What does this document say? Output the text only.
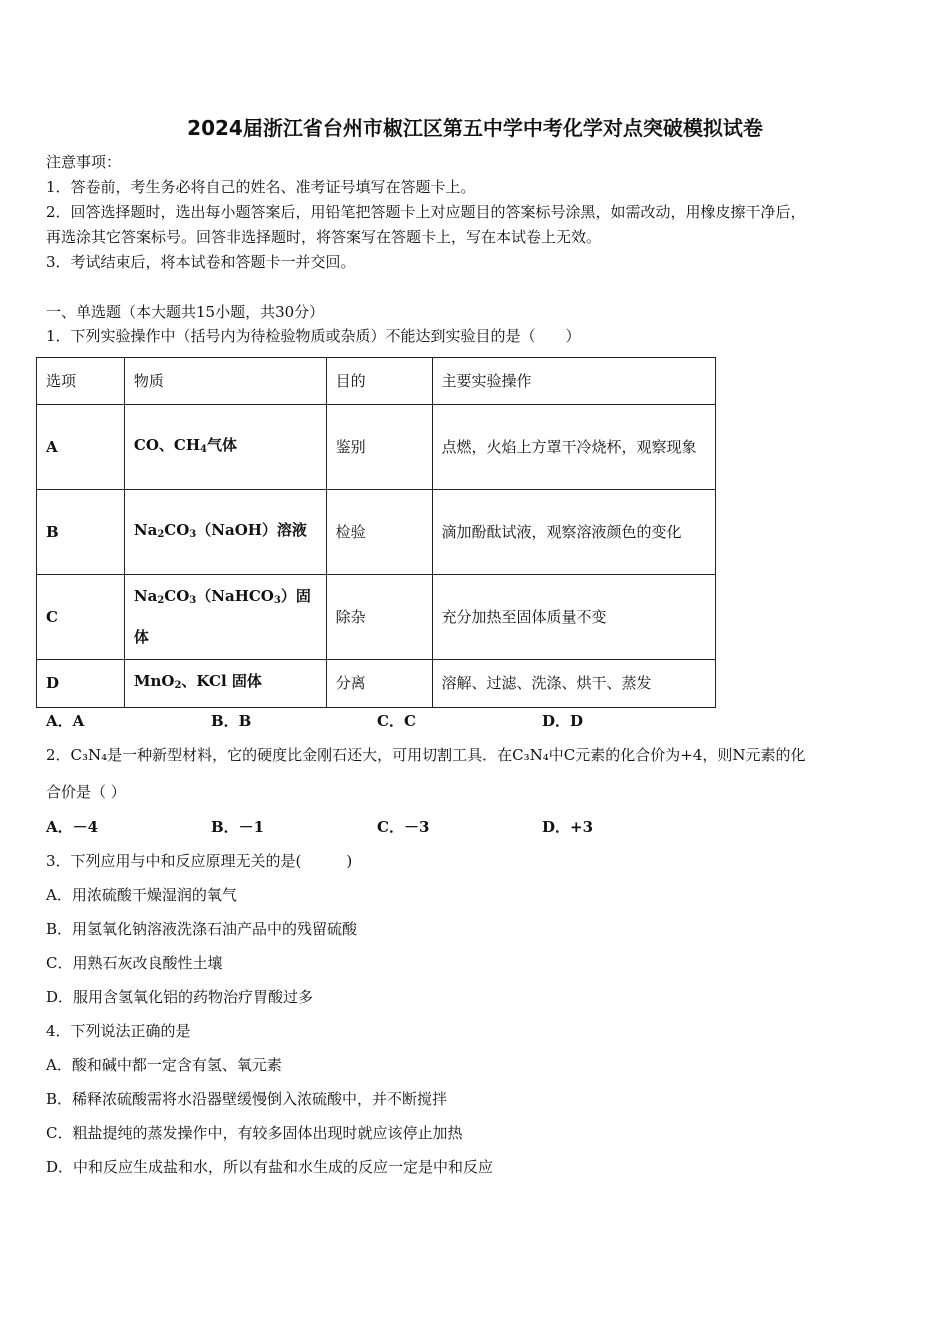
2024届浙江省台州市椒江区第五中学中考化学对点突破模拟试卷
注意事项：
1．答卷前，考生务必将自己的姓名、准考证号填写在答题卡上。
2．回答选择题时，选出每小题答案后，用铅笔把答题卡上对应题目的答案标号涂黑，如需改动，用橡皮擦干净后，
再选涂其它答案标号。回答非选择题时，将答案写在答题卡上，写在本试卷上无效。
3．考试结束后，将本试卷和答题卡一并交回。
一、单选题（本大题共15小题，共30分）
1．下列实验操作中（括号内为待检验物质或杂质）不能达到实验目的是（　　）
选项	物质	目的	主要实验操作
A	CO、$CH_4$气体	鉴别	点燃，火焰上方罩干冷烧杯，观察现象
B	$Na_2CO_3(NaOH)$溶液	检验	滴加酚酞试液，观察溶液颜色的变化
C	$Na_2CO_3(NaHCO_3)$固体	除杂	充分加热至固体质量不变
D	MnO$_2$、KCl 固体	分离	溶解、过滤、洗涤、烘干、蒸发
A．A	B．B	C．C	D．D
2．C₃N₄是一种新型材料，它的硬度比金刚石还大，可用切割工具．在C₃N₄中C元素的化合价为+4，则N元素的化
合价是（ ）
A．－4	B．－1	C．－3	D．+3
3．下列应用与中和反应原理无关的是(　　　)
A．用浓硫酸干燥湿润的氧气
B．用氢氧化钠溶液洗涤石油产品中的残留硫酸
C．用熟石灰改良酸性土壤
D．服用含氢氧化铝的药物治疗胃酸过多
4．下列说法正确的是
A．酸和碱中都一定含有氢、氧元素
B．稀释浓硫酸需将水沿器壁缓慢倒入浓硫酸中，并不断搅拌
C．粗盐提纯的蒸发操作中，有较多固体出现时就应该停止加热
D．中和反应生成盐和水，所以有盐和水生成的反应一定是中和反应
